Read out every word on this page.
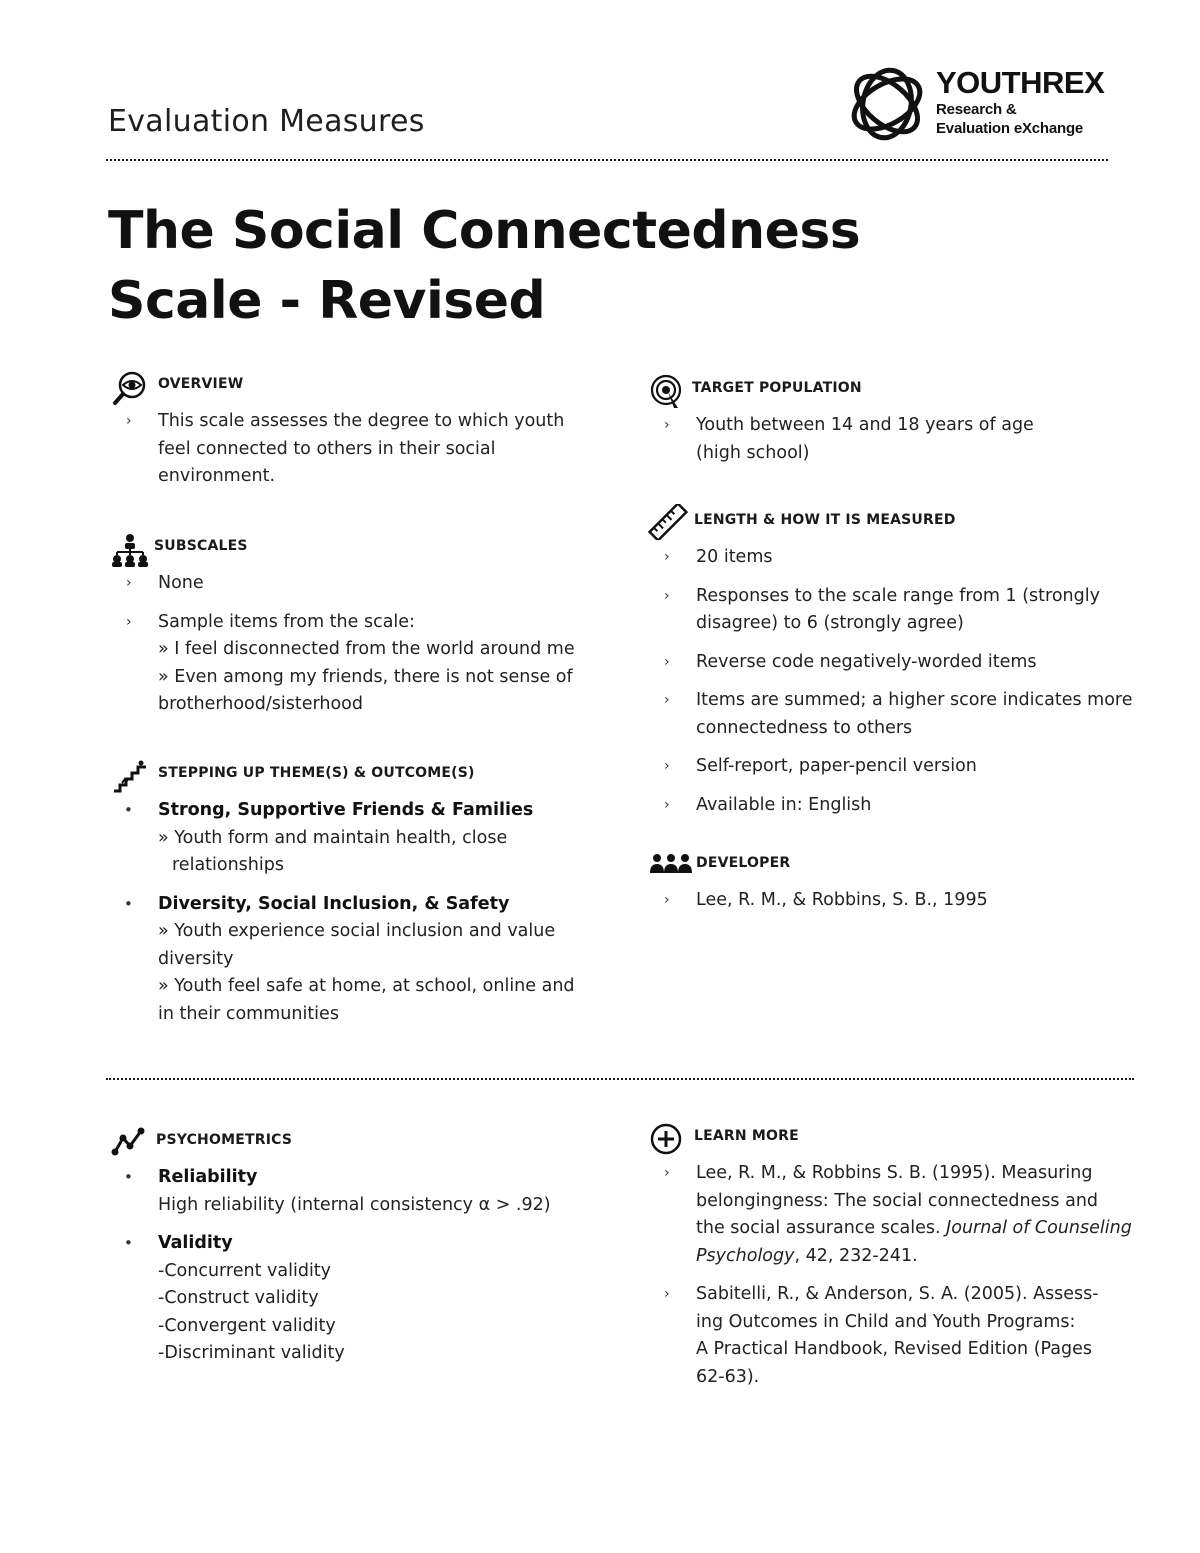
Evaluation Measures
YOUTHREX
Research &
Evaluation eXchange
The Social Connectedness
Scale - Revised
OVERVIEW
› This scale assesses the degree to which youth
feel connected to others in their social
environment.
SUBSCALES
› None
› Sample items from the scale:
» I feel disconnected from the world around me
» Even among my friends, there is not sense of
brotherhood/sisterhood
STEPPING UP THEME(S) & OUTCOME(S)
• Strong, Supportive Friends & Families
» Youth form and maintain health, close
relationships
• Diversity, Social Inclusion, & Safety
» Youth experience social inclusion and value
diversity
» Youth feel safe at home, at school, online and
in their communities
TARGET POPULATION
› Youth between 14 and 18 years of age
(high school)
LENGTH & HOW IT IS MEASURED
› 20 items
› Responses to the scale range from 1 (strongly
disagree) to 6 (strongly agree)
› Reverse code negatively-worded items
› Items are summed; a higher score indicates more
connectedness to others
› Self-report, paper-pencil version
› Available in: English
DEVELOPER
› Lee, R. M., & Robbins, S. B., 1995
PSYCHOMETRICS
• Reliability
High reliability (internal consistency α > .92)
• Validity
-Concurrent validity
-Construct validity
-Convergent validity
-Discriminant validity
LEARN MORE
› Lee, R. M., & Robbins S. B. (1995). Measuring
belongingness: The social connectedness and
the social assurance scales. Journal of Counseling
Psychology, 42, 232-241.
› Sabitelli, R., & Anderson, S. A. (2005). Assess-
ing Outcomes in Child and Youth Programs:
A Practical Handbook, Revised Edition (Pages
62-63).
